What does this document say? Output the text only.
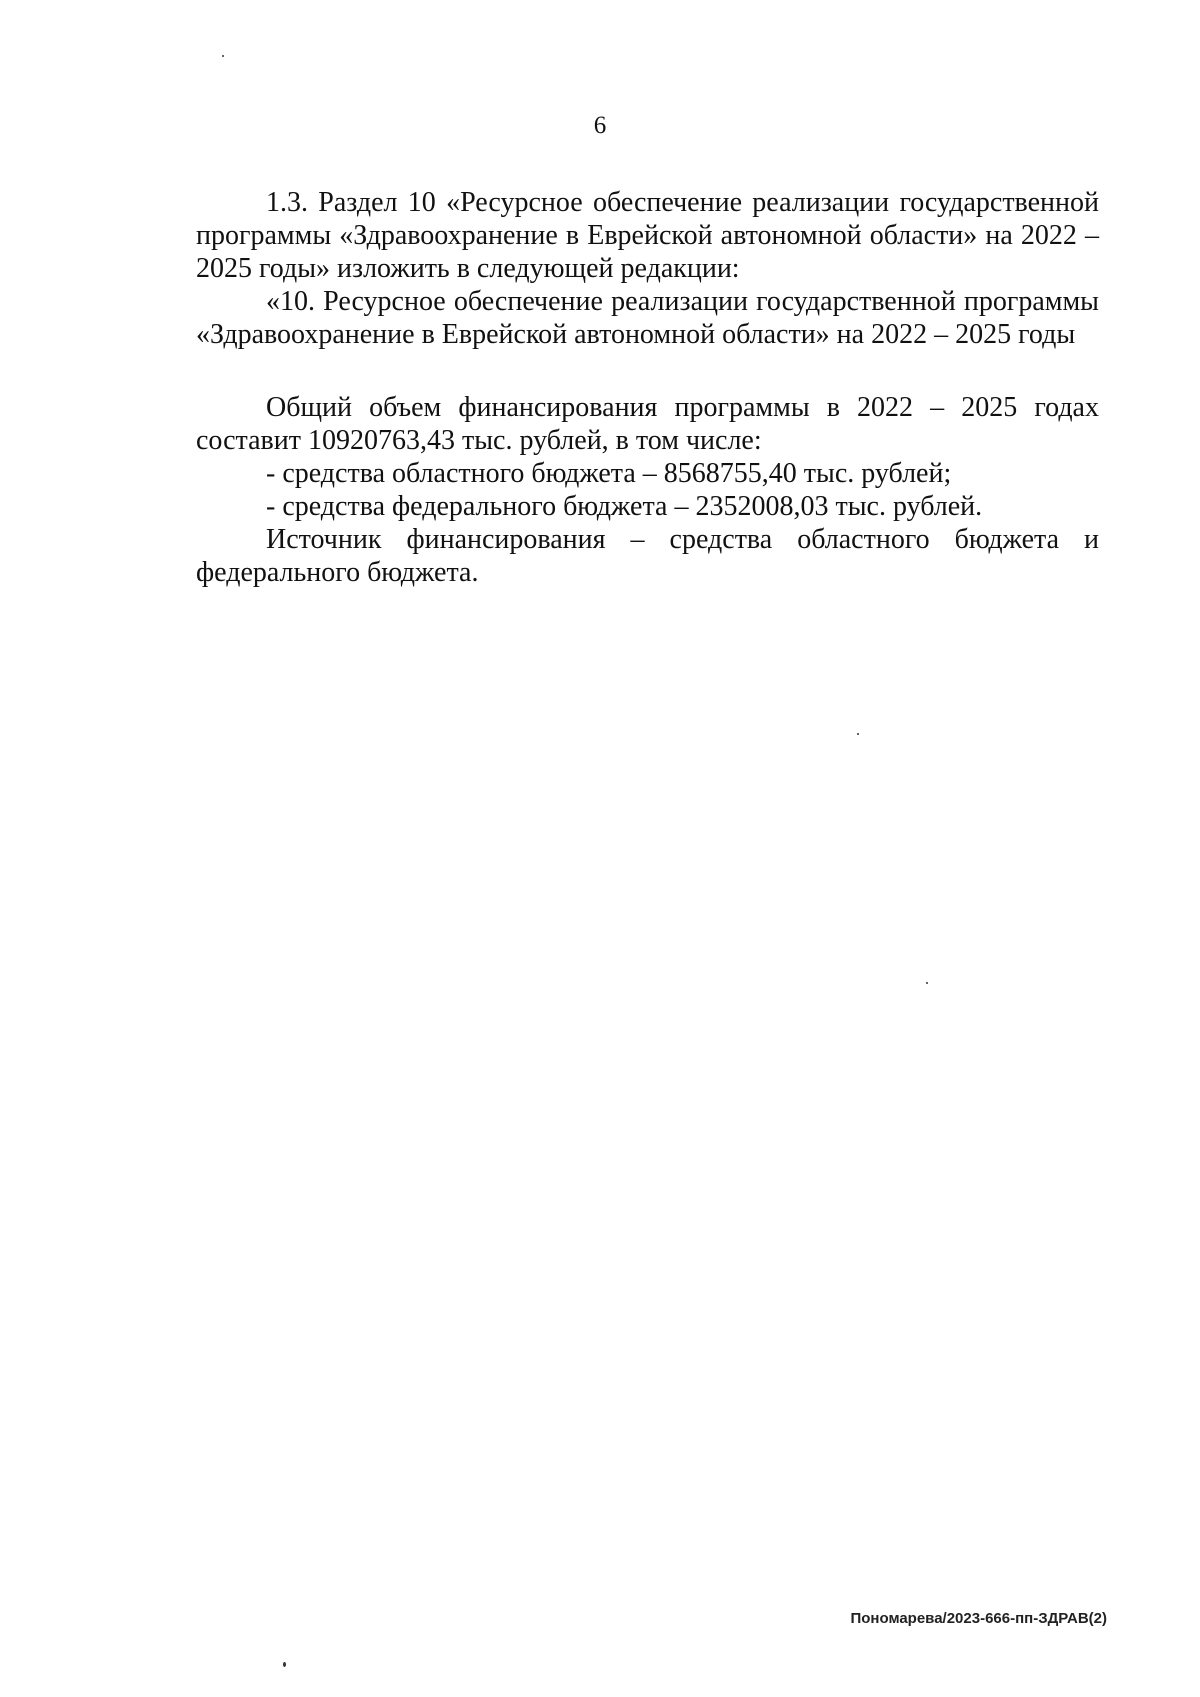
6

1.3. Раздел 10 «Ресурсное обеспечение реализации государственной программы «Здравоохранение в Еврейской автономной области» на 2022 – 2025 годы» изложить в следующей редакции:

«10. Ресурсное обеспечение реализации государственной программы «Здравоохранение в Еврейской автономной области» на 2022 – 2025 годы

Общий объем финансирования программы в 2022 – 2025 годах составит 10920763,43 тыс. рублей, в том числе:

- средства областного бюджета – 8568755,40 тыс. рублей;

- средства федерального бюджета – 2352008,03 тыс. рублей.

Источник финансирования – средства областного бюджета и федерального бюджета.

Пономарева/2023-666-пп-ЗДРАВ(2)
